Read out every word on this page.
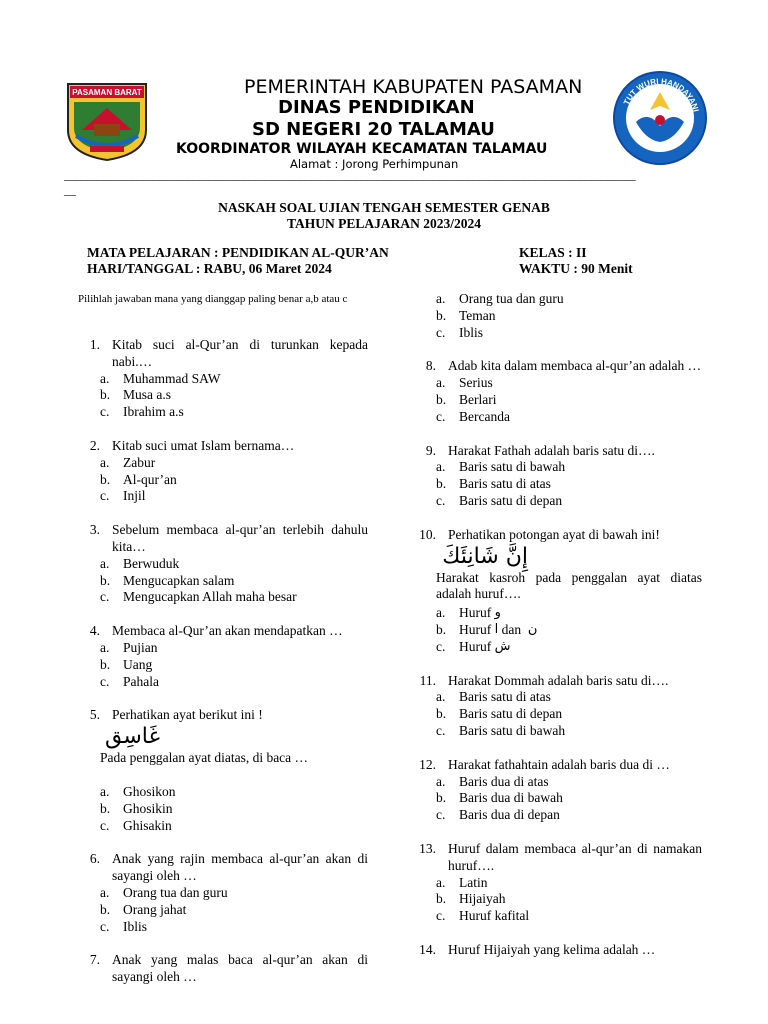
PASAMAN BARAT	PEMERINTAH KABUPATEN PASAMAN
DINAS PENDIDIKAN
SD NEGERI 20 TALAMAU
KOORDINATOR WILAYAH KECAMATAN TALAMAU
Alamat : Jorong Perhimpunan
TUT WURI HANDAYANI
______________________________________________________________________________________________________
__
NASKAH SOAL UJIAN TENGAH SEMESTER GENAB
TAHUN PELAJARAN 2023/2024
MATA PELAJARAN : PENDIDIKAN AL-QUR’AN
HARI/TANGGAL : RABU, 06 Maret 2024
KELAS : II
WAKTU : 90 Menit
Pilihlah jawaban mana yang dianggap paling benar a,b atau c
1. Kitab suci al-Qur’an di turunkan kepada nabi.…
a.	Muhammad SAW
b. Musa a.s
c.	Ibrahim a.s
2. Kitab suci umat Islam bernama…
a.	Zabur
b. Al-qur’an
c.	Injil
3. Sebelum membaca al-qur’an terlebih dahulu kita…
a.	Berwuduk
b. Mengucapkan salam
c.	Mengucapkan Allah maha besar
4. Membaca al-Qur’an akan mendapatkan …
a.	Pujian
b. Uang
c.	Pahala
5. Perhatikan ayat berikut ini !
غَاسِق
Pada penggalan ayat diatas, di baca …
a.	Ghosikon
b. Ghosikin
c.	Ghisakin
6. Anak yang rajin membaca al-qur’an akan di sayangi oleh …
a.	Orang tua dan guru
b. Orang jahat
c.	Iblis
7. Anak yang malas baca al-qur’an akan di sayangi oleh …
a.	Orang tua dan guru
b. Teman
c.	Iblis
8. Adab kita dalam membaca al-qur’an adalah …
a.	Serius
b. Berlari
c.	Bercanda
9. Harakat Fathah adalah baris satu di….
a.	Baris satu di bawah
b. Baris satu di atas
c.	Baris satu di depan
10. Perhatikan potongan ayat di bawah ini!
إِنَّ شَانِئَكَ
Harakat kasroh pada penggalan ayat diatas adalah huruf….
a.	Huruf
و
b. Huruf
ا
dan
ن
c.	Huruf
ش
11. Harakat Dommah adalah baris satu di….
a.	Baris satu di atas
b. Baris satu di depan
c.	Baris satu di bawah
12. Harakat fathahtain adalah baris dua di …
a.	Baris dua di atas
b. Baris dua di bawah
c.	Baris dua di depan
13. Huruf dalam membaca al-qur’an di namakan huruf….
a.	Latin
b. Hijaiyah
c.	Huruf kafital
14. Huruf Hijaiyah yang kelima adalah …
